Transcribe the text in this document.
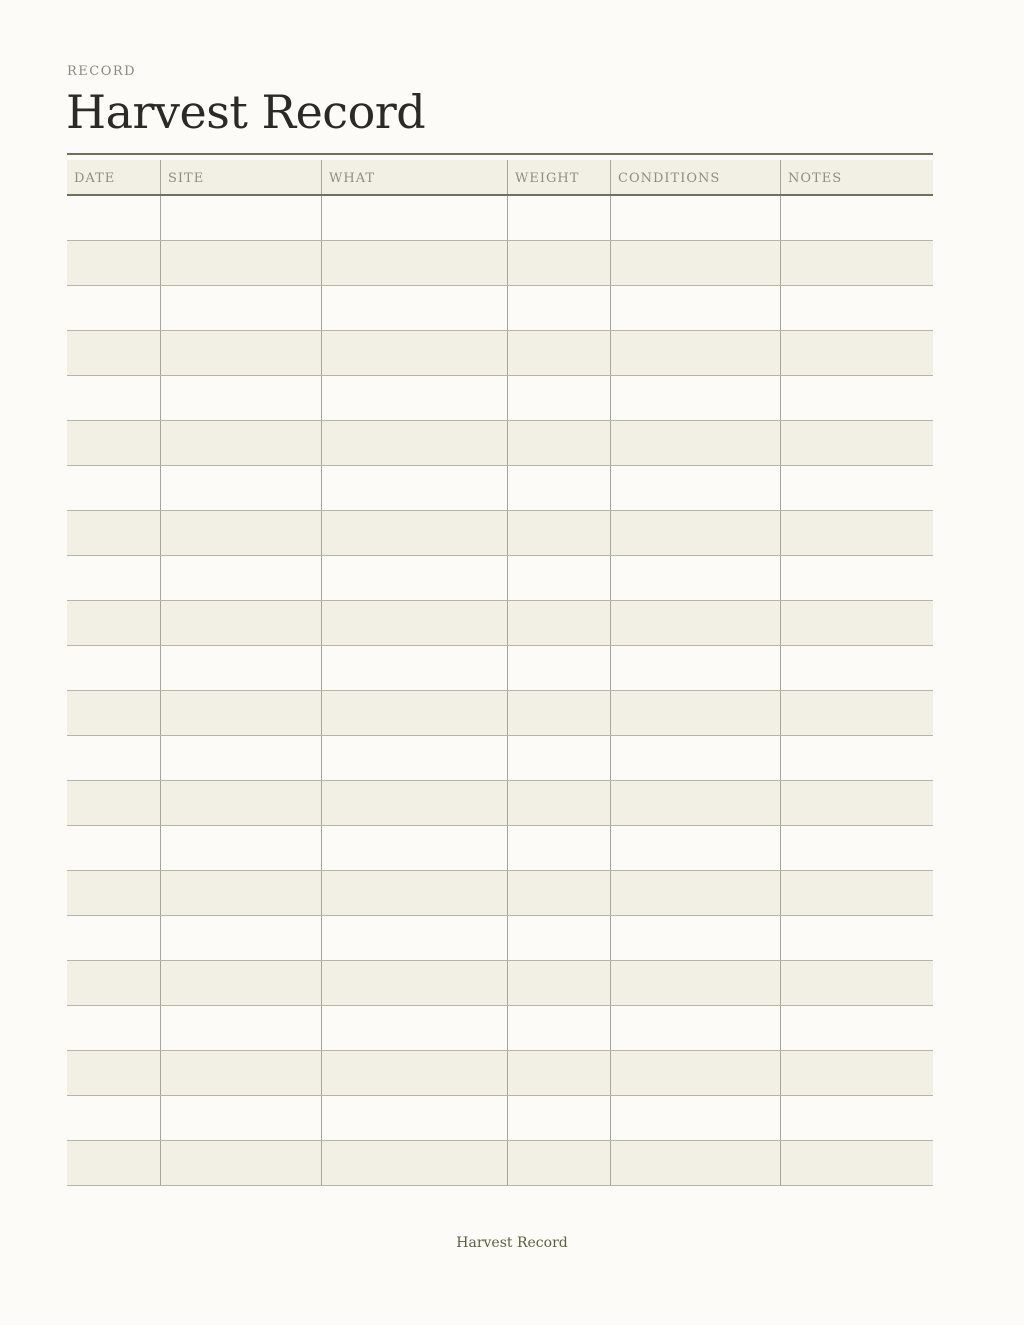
RECORD
Harvest Record
DATE	SITE	WHAT	WEIGHT	CONDITIONS	NOTES
Harvest Record
